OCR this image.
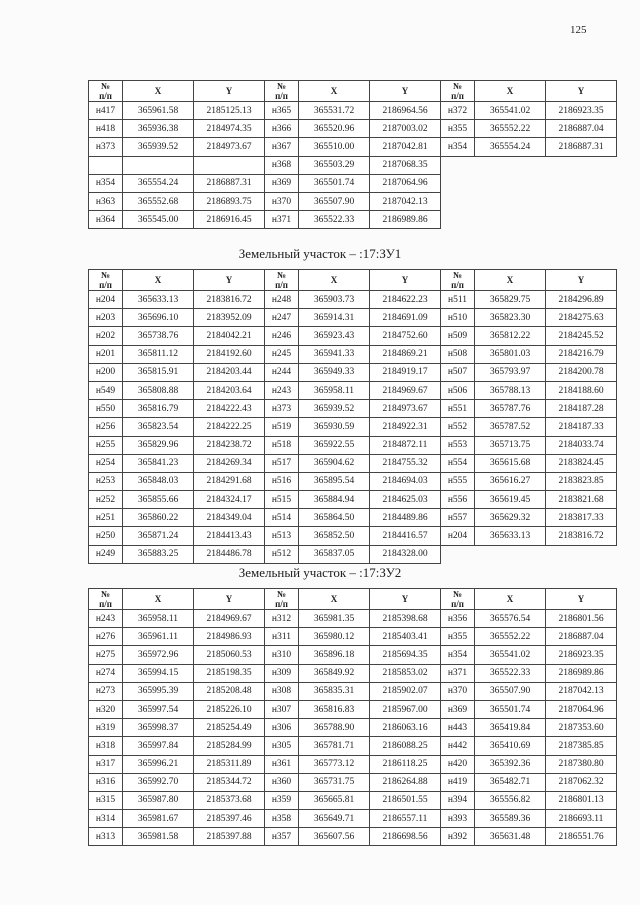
125
Земельный участок – :17:ЗУ1
Земельный участок – :17:ЗУ2
№
п/п	X	Y
н417	365961.58	2185125.13
н418	365936.38	2184974.35
н373	365939.52	2184973.67

н354	365554.24	2186887.31
н363	365552.68	2186893.75
н364	365545.00	2186916.45
№
п/п	X	Y
н365	365531.72	2186964.56
н366	365520.96	2187003.02
н367	365510.00	2187042.81
н368	365503.29	2187068.35
н369	365501.74	2187064.96
н370	365507.90	2187042.13
н371	365522.33	2186989.86
№
п/п	X	Y
н372	365541.02	2186923.35
н355	365552.22	2186887.04
н354	365554.24	2186887.31
№
п/п	X	Y
н204	365633.13	2183816.72
н203	365696.10	2183952.09
н202	365738.76	2184042.21
н201	365811.12	2184192.60
н200	365815.91	2184203.44
н549	365808.88	2184203.64
н550	365816.79	2184222.43
н256	365823.54	2184222.25
н255	365829.96	2184238.72
н254	365841.23	2184269.34
н253	365848.03	2184291.68
н252	365855.66	2184324.17
н251	365860.22	2184349.04
н250	365871.24	2184413.43
н249	365883.25	2184486.78
№
п/п	X	Y
н248	365903.73	2184622.23
н247	365914.31	2184691.09
н246	365923.43	2184752.60
н245	365941.33	2184869.21
н244	365949.33	2184919.17
н243	365958.11	2184969.67
н373	365939.52	2184973.67
н519	365930.59	2184922.31
н518	365922.55	2184872.11
н517	365904.62	2184755.32
н516	365895.54	2184694.03
н515	365884.94	2184625.03
н514	365864.50	2184489.86
н513	365852.50	2184416.57
н512	365837.05	2184328.00
№
п/п	X	Y
н511	365829.75	2184296.89
н510	365823.30	2184275.63
н509	365812.22	2184245.52
н508	365801.03	2184216.79
н507	365793.97	2184200.78
н506	365788.13	2184188.60
н551	365787.76	2184187.28
н552	365787.52	2184187.33
н553	365713.75	2184033.74
н554	365615.68	2183824.45
н555	365616.27	2183823.85
н556	365619.45	2183821.68
н557	365629.32	2183817.33
н204	365633.13	2183816.72
№
п/п	X	Y
н243	365958.11	2184969.67
н276	365961.11	2184986.93
н275	365972.96	2185060.53
н274	365994.15	2185198.35
н273	365995.39	2185208.48
н320	365997.54	2185226.10
н319	365998.37	2185254.49
н318	365997.84	2185284.99
н317	365996.21	2185311.89
н316	365992.70	2185344.72
н315	365987.80	2185373.68
н314	365981.67	2185397.46
н313	365981.58	2185397.88
№
п/п	X	Y
н312	365981.35	2185398.68
н311	365980.12	2185403.41
н310	365896.18	2185694.35
н309	365849.92	2185853.02
н308	365835.31	2185902.07
н307	365816.83	2185967.00
н306	365788.90	2186063.16
н305	365781.71	2186088.25
н361	365773.12	2186118.25
н360	365731.75	2186264.88
н359	365665.81	2186501.55
н358	365649.71	2186557.11
н357	365607.56	2186698.56
№
п/п	X	Y
н356	365576.54	2186801.56
н355	365552.22	2186887.04
н354	365541.02	2186923.35
н371	365522.33	2186989.86
н370	365507.90	2187042.13
н369	365501.74	2187064.96
н443	365419.84	2187353.60
н442	365410.69	2187385.85
н420	365392.36	2187380.80
н419	365482.71	2187062.32
н394	365556.82	2186801.13
н393	365589.36	2186693.11
н392	365631.48	2186551.76
